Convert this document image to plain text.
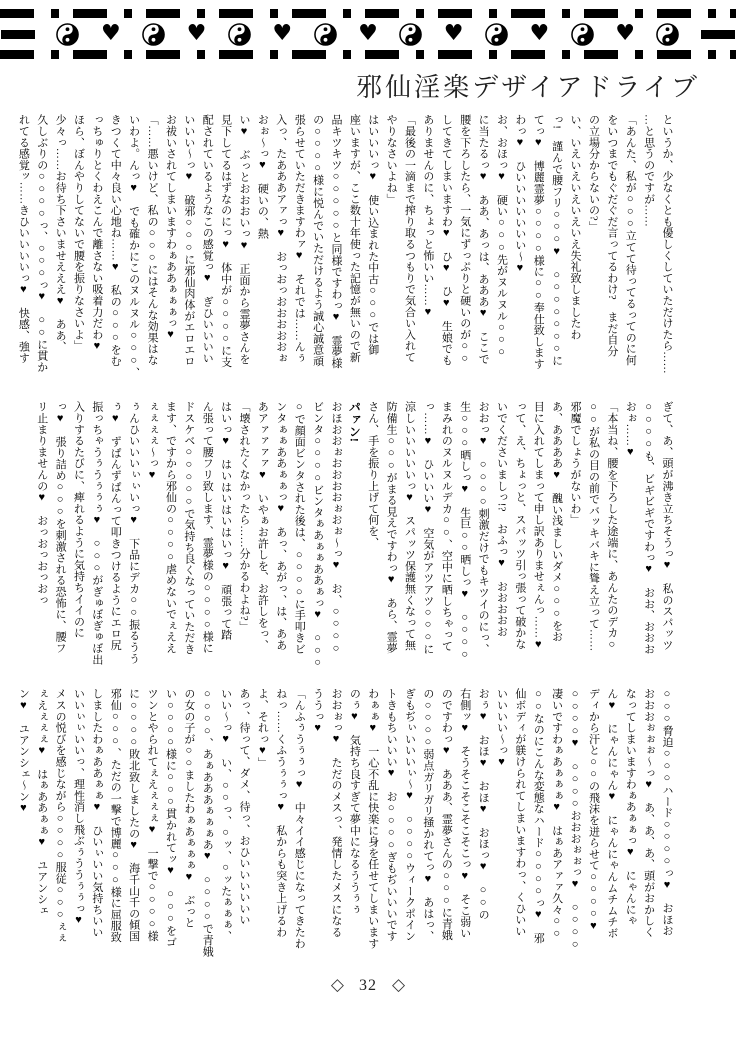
♥	♥	♥	♥	♥	♥	♥
邪仙淫楽デザイアドライブ
というか、少なくとも優しくしていただけたら……
…と思うのですが……
「あんた、私が○○○立てて待ってるってのに何
をいつまでもぐだぐだ言ってるわけ?　まだ自分
の立場分からないの?」
い、いえいえいえいえいえ失礼致しましたわ
っ!　謹んで腰フリ○○○♥　○○○○○○○に
てっ♥　博麗霊夢○○○○様に○○奉仕致します
わっ♥　ひいいいいいいい〜♥
お、おほっ♥　硬い○○○先がヌルヌル○○○
に当たるっ♥　ああ、あっは、あああ♥　ここで
腰を下ろしたら、一気にずっぷりと硬いのが○○
してきてしまいますわ♥　ひ♥　ひ♥　生娘でも
ありませんのに、ちょっと怖いい……♥
「最後の一滴まで搾り取るつもりで気合い入れて
やりなさいよね」
はいいいっ♥　使い込まれた中古○○○では御
座いますが、ここ数十年使った記憶が無いので新
品キツキツ○○○○○と同様ですわっ♥　霊夢様
の○○○○様に悦んでいただけるよう誠心誠意頑
張らせていただきますわァ♥　それでは……んぅ
入っ、たあああアァっ♥　おっおっおおおおおぉ
おぉ〜っ♥　硬いの、熱
い♥　ぶっとおおおいっ♥　正面から霊夢さんを
見下してるはずなのにっ♥　体中が○○○○に支
配されているようなこの感覚っ♥　ぎひいいいい
いいい〜っ♥　破邪○○○に邪仙肉体がエロエロ
お祓いされてしまいますわぁああぁぁぁっ♥
「……悪いけど、私の○○○にはそんな効果はな
いわよ。んっ♥　でも確かにこのヌルヌル○○○、
きつくて中々良い心地ね……♥　私の○○○をむ
っちゅりとくわえこんで離さない吸着力だわ♥
ほら、ぼんやりしてないで腰を振りなさいよ」
少々っ……お待ち下さいませえええ♥　ああ、
久しぶりの○○○○っ、○○○っ♥　○○に貫か
れてる感覚ッ……きひいいいいっ♥　快感、強す
ぎて、あ、頭が沸き立ちそうっ♥　私のスパッツ
○○○○も、ビギビギですわっ♥　おお、おおお
おぉ……♥
「本当ね、腰を下ろした途端に、あんたのデカ○
○○が私の目の前でバッキバキに聳え立って……
邪魔でしょうがないわ」
あ、ああああ♥　醜い浅ましいダメ○○○をお
目に入れてしまって申し訳ありませぇんっ……♥
って、え、ちょっと、スパッツ引っ張って破かな
いでくださいましっ!?　おふっ♥　おおおおお
おおっ♥　○○○○刺激だけでもキツイのにっ、
生○○○晒しっ♥　生巨○○晒しっ♥　○○○○
まみれのヌルヌルデカ○○、空中に晒しちゃって
っ……♥　ひいいい♥　空気がアツアツ○○○に
涼しいいいいいっ♥　スパッツ保護無くなって無
防備生○○○がまる見えですわっ♥　あら、霊夢
さん、手を振り上げて何を、
パァン!
おほおおぉおおおおぉおぉ〜っ♥　お、○○○○
ビンタ○○○○ビンタぁあぁぁああぁっ♥　○○○
○で顔面ビンタされた後は、○○○○に手叩きビ
ンタぁぁああぁぁっ♥　あっ、あがっ、は、ああ
あアァァァァ♥　いやぁお許しを、お許しをっ、
「壊されたくなかったら……分かるわよね?」
はいっ♥　はいはいはいはいっ♥　頑張って踏
ん張って腰フリ致します、霊夢様の○○○○様に
ドスケベ○○○○○で気持ち良くなっていただき
ます、ですから邪仙の○○○○虐めないでぇええ
ぇぇぇぇ〜っ♥
ぅんひいいいぃぃいっ♥　下品にデカ○○振るうう
ぅ♥　ずぱんずぱんって叩きつけるようにエロ尻
振っちゃうぅうぅぅぅ♥　○○○がぎゅぼぎゅぼ出
入りするたびに、痺れるように気持ちイイのに
っ♥　張り詰め○○○を刺激される恐怖に、腰フ
リ止まりませんの♥　おっおっおっおっ
○○○脅迫○○○ハード○○○○っ♥　おほお
おおおぉぉぉ〜っ♥　あ、あ、あ、頭がおかしく
なってしまいますわぁあぁぁっ♥　にゃんにゃ
ん♥　にゃんにゃん♥　にゃんにゃんムチムチボ
ディから汗と○○の飛沫を迸らせて○○○○♥
○○○○♥　○○○○おおおぉぉっ♥　○○○○
凄いですわぁあぁぁぁ♥　はぁあアァァ久々○○
○○なのにこんな変態なハード○○○○っ♥　邪
仙ボディが躾けられてしまいますわっ、くひいい
いいいい〜っ♥
おぅ♥　おほ♥　おほ♥　おほっ♥　○○の
右側ッ♥　そうそこそこそこそこっ♥　そこ弱い
のですわっ♥　あああ、霊夢さんの○○○に青娥
の○○○○弱点ガリガリ掻かれてっ♥　あはっ、
ぎもぢぃいいいぃ〜♥　○○○○ウィークポイン
トきもちいいい♥　お○○○○ぎもぢいいいです
わぁぁ♥　一心不乱に快楽に身を任せてしまいます
のぅ♥　気持ち良すぎて夢中になるううぅぅ
おおぉっ♥　ただのメスっ、発情したメスになる
ううっ♥
「んふぅうぅぅっ♥　中々イイ感じになってきたわ
ねっ……くふうぅぅっ♥　私からも突き上げるわ
よ、それっ♥」
あっ、待って、ダメ、待っ、おひいいいいいい
いい〜っ♥　い、○○っ、○ッ、○ッたぁぁぁ、
○○○○、あぁあああぁぁぁあ♥　○○○○で青娥
の女の子が○○ましたわぁあぁぁぁ♥　ぶっと
い○○○○様に○○○貫かれてッ♥　○○○をゴ
ツンとやられてぇえぇぇぇ♥　一撃で○○○○様
に○○○○敗北致しましたの♥　海千山千の傾国
邪仙○○○、ただの一撃で博麗○○○様に屈服致
しましたわぁああぁぁ♥　ひいぃいい気持ちいい
いいぃぃいいっ、理性消し飛ぶぅううぅぅっ♥
メスの悦びを感じながら○○○○服従○○○ぇぇ
ぇえぇぇぇ♥　はぁああぁぁ♥　ユアンシェ
ン♥　ユアンシェ〜ン♥
◇ 32 ◇
